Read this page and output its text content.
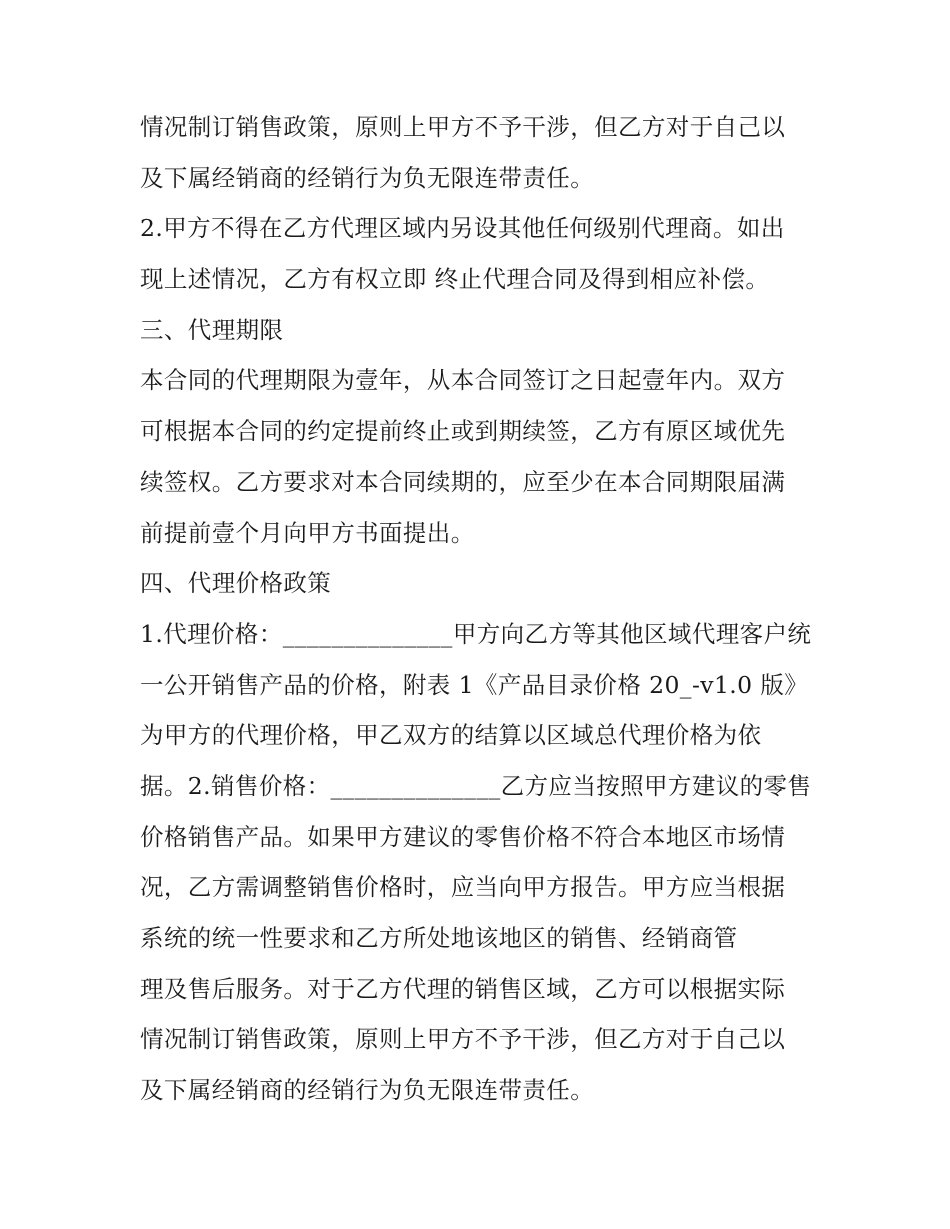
情况制订销售政策，原则上甲方不予干涉，但乙方对于自己以
及下属经销商的经销行为负无限连带责任。
2.甲方不得在乙方代理区域内另设其他任何级别代理商。如出
现上述情况，乙方有权立即 终止代理合同及得到相应补偿。
三、代理期限
本合同的代理期限为壹年，从本合同签订之日起壹年内。双方
可根据本合同的约定提前终止或到期续签，乙方有原区域优先
续签权。乙方要求对本合同续期的，应至少在本合同期限届满
前提前壹个月向甲方书面提出。
四、代理价格政策
1.代理价格：______________甲方向乙方等其他区域代理客户统
一公开销售产品的价格，附表 1《产品目录价格 20_-v1.0 版》
为甲方的代理价格，甲乙双方的结算以区域总代理价格为依
据。2.销售价格：______________乙方应当按照甲方建议的零售
价格销售产品。如果甲方建议的零售价格不符合本地区市场情
况，乙方需调整销售价格时，应当向甲方报告。甲方应当根据
系统的统一性要求和乙方所处地该地区的销售、经销商管
理及售后服务。对于乙方代理的销售区域，乙方可以根据实际
情况制订销售政策，原则上甲方不予干涉，但乙方对于自己以
及下属经销商的经销行为负无限连带责任。
